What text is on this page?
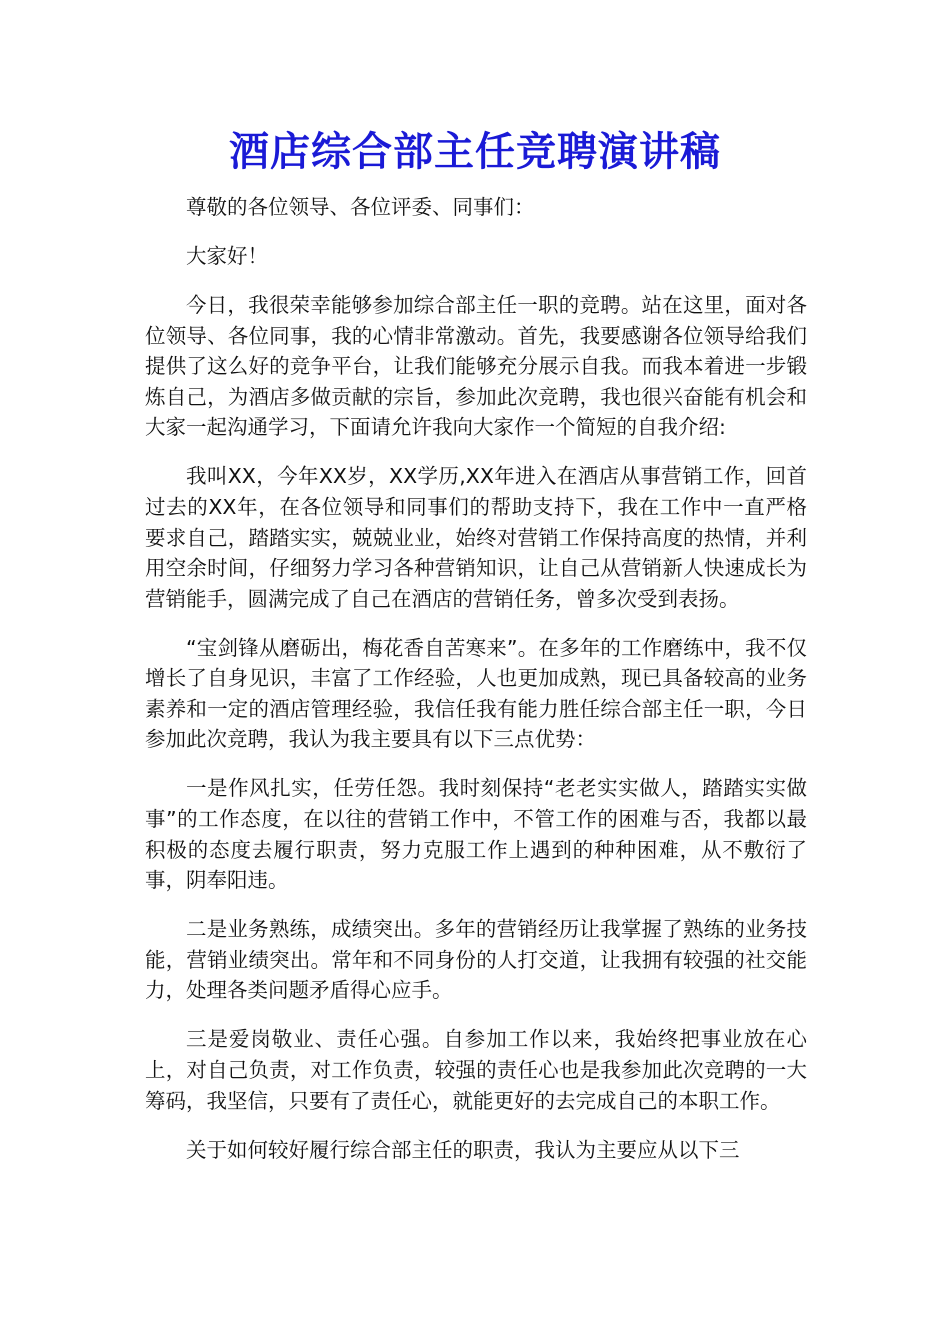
酒店综合部主任竞聘演讲稿

尊敬的各位领导、各位评委、同事们：

大家好！

今日，我很荣幸能够参加综合部主任一职的竞聘。站在这里，面对各位领导、各位同事，我的心情非常激动。首先，我要感谢各位领导给我们提供了这么好的竞争平台，让我们能够充分展示自我。而我本着进一步锻炼自己，为酒店多做贡献的宗旨，参加此次竞聘，我也很兴奋能有机会和大家一起沟通学习，下面请允许我向大家作一个简短的自我介绍:

我叫XX，今年XX岁，XX学历,XX年进入在酒店从事营销工作，回首过去的XX年，在各位领导和同事们的帮助支持下，我在工作中一直严格要求自己，踏踏实实，兢兢业业，始终对营销工作保持高度的热情，并利用空余时间，仔细努力学习各种营销知识，让自己从营销新人快速成长为营销能手，圆满完成了自己在酒店的营销任务，曾多次受到表扬。

“宝剑锋从磨砺出，梅花香自苦寒来”。在多年的工作磨练中，我不仅增长了自身见识，丰富了工作经验，人也更加成熟，现已具备较高的业务素养和一定的酒店管理经验，我信任我有能力胜任综合部主任一职，今日参加此次竞聘，我认为我主要具有以下三点优势：

一是作风扎实，任劳任怨。我时刻保持“老老实实做人，踏踏实实做事”的工作态度，在以往的营销工作中，不管工作的困难与否，我都以最积极的态度去履行职责，努力克服工作上遇到的种种困难，从不敷衍了事，阴奉阳违。

二是业务熟练，成绩突出。多年的营销经历让我掌握了熟练的业务技能，营销业绩突出。常年和不同身份的人打交道，让我拥有较强的社交能力，处理各类问题矛盾得心应手。

三是爱岗敬业、责任心强。自参加工作以来，我始终把事业放在心上，对自己负责，对工作负责，较强的责任心也是我参加此次竞聘的一大筹码，我坚信，只要有了责任心，就能更好的去完成自己的本职工作。

关于如何较好履行综合部主任的职责，我认为主要应从以下三
